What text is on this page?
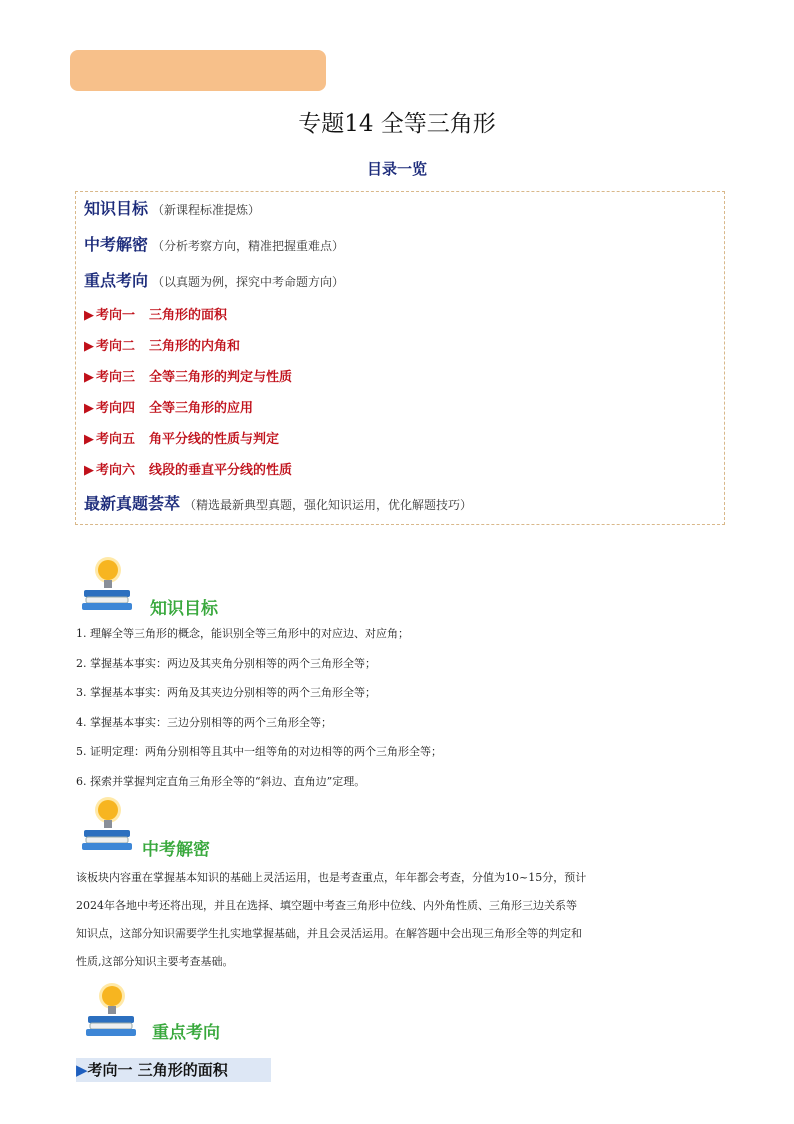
专题14 全等三角形
目录一览
知识目标 （新课程标准提炼）
中考解密 （分析考察方向，精准把握重难点）
重点考向 （以真题为例，探究中考命题方向）
▶ 考向一 三角形的面积
▶ 考向二 三角形的内角和
▶ 考向三 全等三角形的判定与性质
▶ 考向四 全等三角形的应用
▶ 考向五 角平分线的性质与判定
▶ 考向六 线段的垂直平分线的性质
最新真题荟萃 （精选最新典型真题，强化知识运用，优化解题技巧）
知识目标
1. 理解全等三角形的概念，能识别全等三角形中的对应边、对应角；
2. 掌握基本事实：两边及其夹角分别相等的两个三角形全等；
3. 掌握基本事实：两角及其夹边分别相等的两个三角形全等；
4. 掌握基本事实：三边分别相等的两个三角形全等；
5. 证明定理：两角分别相等且其中一组等角的对边相等的两个三角形全等；
6. 探索并掌握判定直角三角形全等的“斜边、直角边”定理。
中考解密
该板块内容重在掌握基本知识的基础上灵活运用，也是考查重点，年年都会考查，分值为10~15分，预计
2024年各地中考还将出现，并且在选择、填空题中考查三角形中位线、内外角性质、三角形三边关系等
知识点，这部分知识需要学生扎实地掌握基础，并且会灵活运用。在解答题中会出现三角形全等的判定和
性质,这部分知识主要考查基础。
重点考向
▶考向一 三角形的面积
